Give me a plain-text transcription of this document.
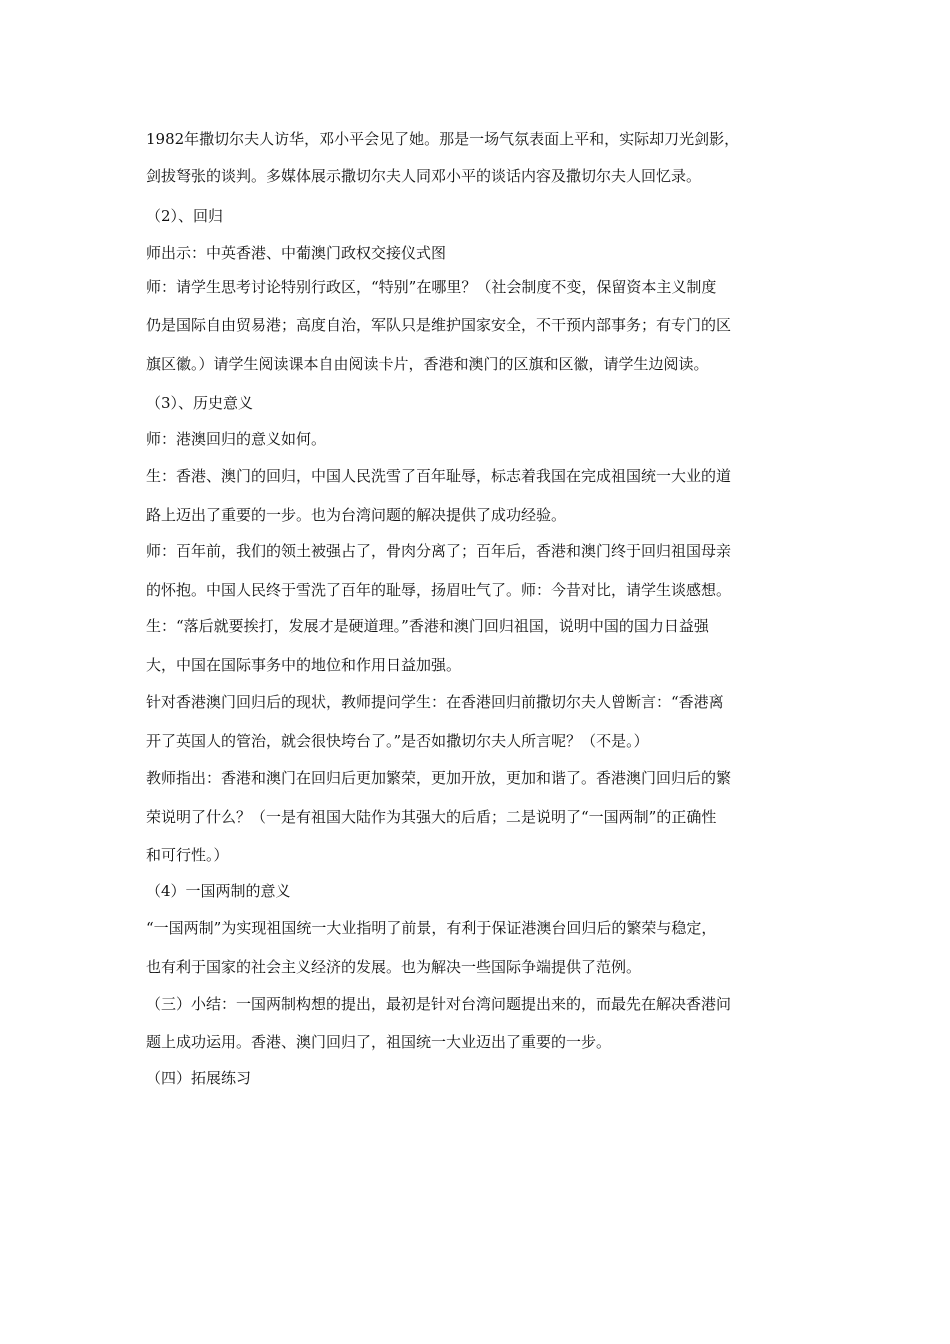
1982年撒切尔夫人访华，邓小平会见了她。那是一场气氛表面上平和，实际却刀光剑影，
剑拔弩张的谈判。多媒体展示撒切尔夫人同邓小平的谈话内容及撒切尔夫人回忆录。
（2）、回归
师出示：中英香港、中葡澳门政权交接仪式图
师：请学生思考讨论特别行政区，“特别”在哪里？（社会制度不变，保留资本主义制度
仍是国际自由贸易港；高度自治，军队只是维护国家安全，不干预内部事务；有专门的区
旗区徽。）请学生阅读课本自由阅读卡片，香港和澳门的区旗和区徽，请学生边阅读。
（3）、历史意义
师：港澳回归的意义如何。
生：香港、澳门的回归，中国人民洗雪了百年耻辱，标志着我国在完成祖国统一大业的道
路上迈出了重要的一步。也为台湾问题的解决提供了成功经验。
师：百年前，我们的领土被强占了，骨肉分离了；百年后，香港和澳门终于回归祖国母亲
的怀抱。中国人民终于雪洗了百年的耻辱，扬眉吐气了。师：今昔对比，请学生谈感想。
生：“落后就要挨打，发展才是硬道理。”香港和澳门回归祖国，说明中国的国力日益强
大，中国在国际事务中的地位和作用日益加强。
针对香港澳门回归后的现状，教师提问学生：在香港回归前撒切尔夫人曾断言：“香港离
开了英国人的管治，就会很快垮台了。”是否如撒切尔夫人所言呢？（不是。）
教师指出：香港和澳门在回归后更加繁荣，更加开放，更加和谐了。香港澳门回归后的繁
荣说明了什么？（一是有祖国大陆作为其强大的后盾；二是说明了“一国两制”的正确性
和可行性。）
（4）一国两制的意义
“一国两制”为实现祖国统一大业指明了前景，有利于保证港澳台回归后的繁荣与稳定，
也有利于国家的社会主义经济的发展。也为解决一些国际争端提供了范例。
（三）小结：一国两制构想的提出，最初是针对台湾问题提出来的，而最先在解决香港问
题上成功运用。香港、澳门回归了，祖国统一大业迈出了重要的一步。
（四）拓展练习
